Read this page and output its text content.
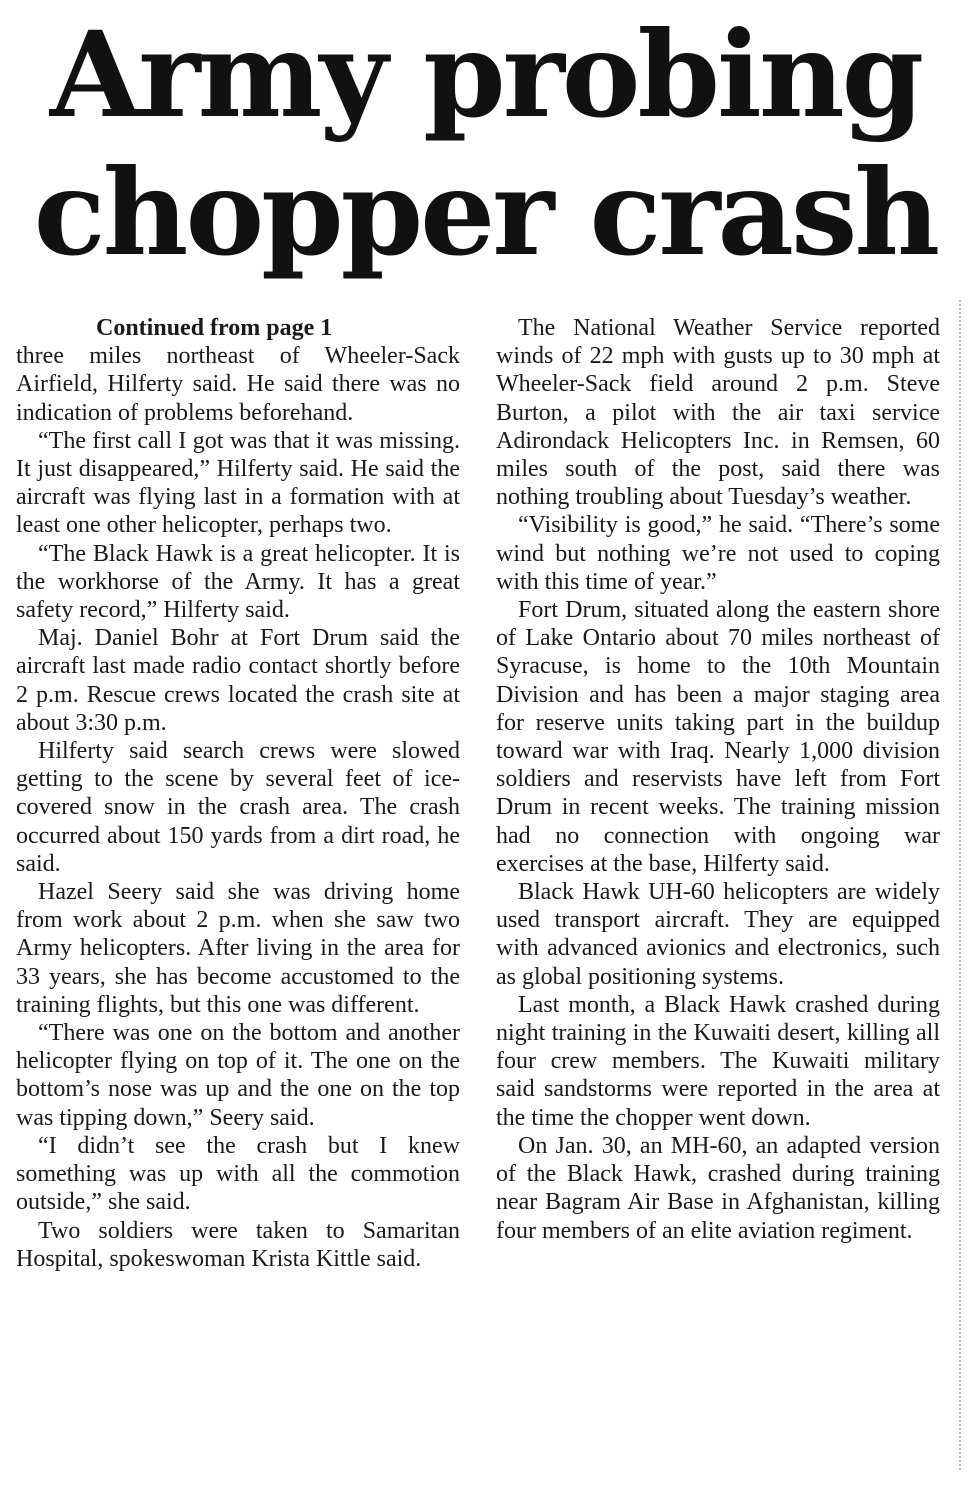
Army probing
chopper crash
Continued from page 1

three miles northeast of Wheeler-Sack Airfield, Hilferty said. He said there was no indication of problems beforehand.

“The first call I got was that it was missing. It just disappeared,” Hilferty said. He said the aircraft was flying last in a formation with at least one other helicopter, perhaps two.

“The Black Hawk is a great helicopter. It is the workhorse of the Army. It has a great safety record,” Hilferty said.

Maj. Daniel Bohr at Fort Drum said the aircraft last made radio contact shortly before 2 p.m. Rescue crews located the crash site at about 3:30 p.m.

Hilferty said search crews were slowed getting to the scene by several feet of ice-covered snow in the crash area. The crash occurred about 150 yards from a dirt road, he said.

Hazel Seery said she was driving home from work about 2 p.m. when she saw two Army helicopters. After living in the area for 33 years, she has become accustomed to the training flights, but this one was different.

“There was one on the bottom and another helicopter flying on top of it. The one on the bottom’s nose was up and the one on the top was tipping down,” Seery said.

“I didn’t see the crash but I knew something was up with all the commotion outside,” she said.

Two soldiers were taken to Samaritan Hospital, spokeswoman Krista Kittle said.

The National Weather Service reported winds of 22 mph with gusts up to 30 mph at Wheeler-Sack field around 2 p.m. Steve Burton, a pilot with the air taxi service Adirondack Helicopters Inc. in Remsen, 60 miles south of the post, said there was nothing troubling about Tuesday’s weather.

“Visibility is good,” he said. “There’s some wind but nothing we’re not used to coping with this time of year.”

Fort Drum, situated along the eastern shore of Lake Ontario about 70 miles northeast of Syracuse, is home to the 10th Mountain Division and has been a major staging area for reserve units taking part in the buildup toward war with Iraq. Nearly 1,000 division soldiers and reservists have left from Fort Drum in recent weeks. The training mission had no connection with ongoing war exercises at the base, Hilferty said.

Black Hawk UH-60 helicopters are widely used transport aircraft. They are equipped with advanced avionics and electronics, such as global positioning systems.

Last month, a Black Hawk crashed during night training in the Kuwaiti desert, killing all four crew members. The Kuwaiti military said sandstorms were reported in the area at the time the chopper went down.

On Jan. 30, an MH-60, an adapted version of the Black Hawk, crashed during training near Bagram Air Base in Afghanistan, killing four members of an elite aviation regiment.
